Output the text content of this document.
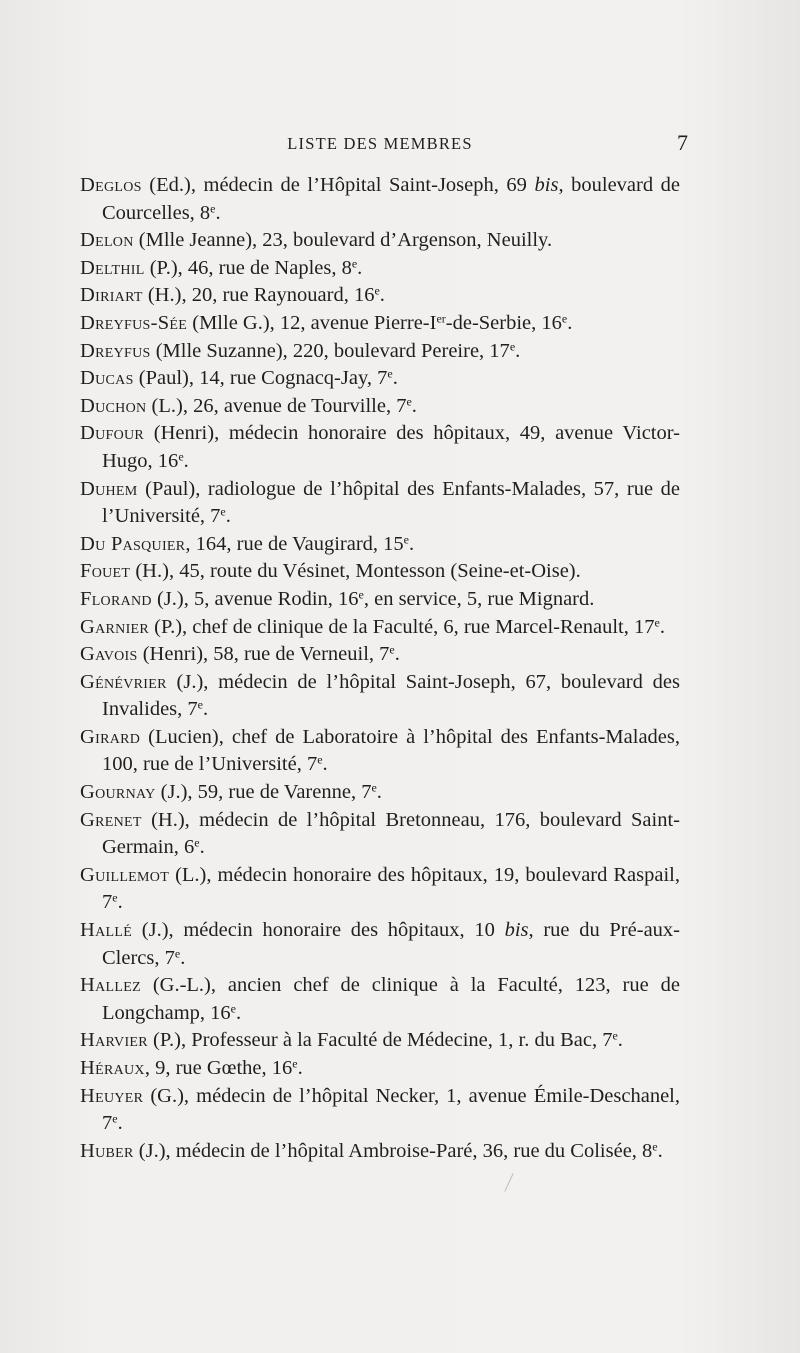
LISTE DES MEMBRES	7

Deglos (Ed.), médecin de l’Hôpital Saint-Joseph, 69 bis, boulevard de Courcelles, 8e.

Delon (Mlle Jeanne), 23, boulevard d’Argenson, Neuilly.

Delthil (P.), 46, rue de Naples, 8e.

Diriart (H.), 20, rue Raynouard, 16e.

Dreyfus-Sée (Mlle G.), 12, avenue Pierre-Ier-de-Serbie, 16e.

Dreyfus (Mlle Suzanne), 220, boulevard Pereire, 17e.

Ducas (Paul), 14, rue Cognacq-Jay, 7e.

Duchon (L.), 26, avenue de Tourville, 7e.

Dufour (Henri), médecin honoraire des hôpitaux, 49, avenue Victor-Hugo, 16e.

Duhem (Paul), radiologue de l’hôpital des Enfants-Malades, 57, rue de l’Université, 7e.

Du Pasquier, 164, rue de Vaugirard, 15e.

Fouet (H.), 45, route du Vésinet, Montesson (Seine-et-Oise).

Florand (J.), 5, avenue Rodin, 16e, en service, 5, rue Mignard.

Garnier (P.), chef de clinique de la Faculté, 6, rue Marcel-Renault, 17e.

Gavois (Henri), 58, rue de Verneuil, 7e.

Génévrier (J.), médecin de l’hôpital Saint-Joseph, 67, boulevard des Invalides, 7e.

Girard (Lucien), chef de Laboratoire à l’hôpital des Enfants-Malades, 100, rue de l’Université, 7e.

Gournay (J.), 59, rue de Varenne, 7e.

Grenet (H.), médecin de l’hôpital Bretonneau, 176, boulevard Saint-Germain, 6e.

Guillemot (L.), médecin honoraire des hôpitaux, 19, boulevard Raspail, 7e.

Hallé (J.), médecin honoraire des hôpitaux, 10 bis, rue du Pré-aux-Clercs, 7e.

Hallez (G.-L.), ancien chef de clinique à la Faculté, 123, rue de Longchamp, 16e.

Harvier (P.), Professeur à la Faculté de Médecine, 1, r. du Bac, 7e.

Héraux, 9, rue Gœthe, 16e.

Heuyer (G.), médecin de l’hôpital Necker, 1, avenue Émile-Deschanel, 7e.

Huber (J.), médecin de l’hôpital Ambroise-Paré, 36, rue du Colisée, 8e.
